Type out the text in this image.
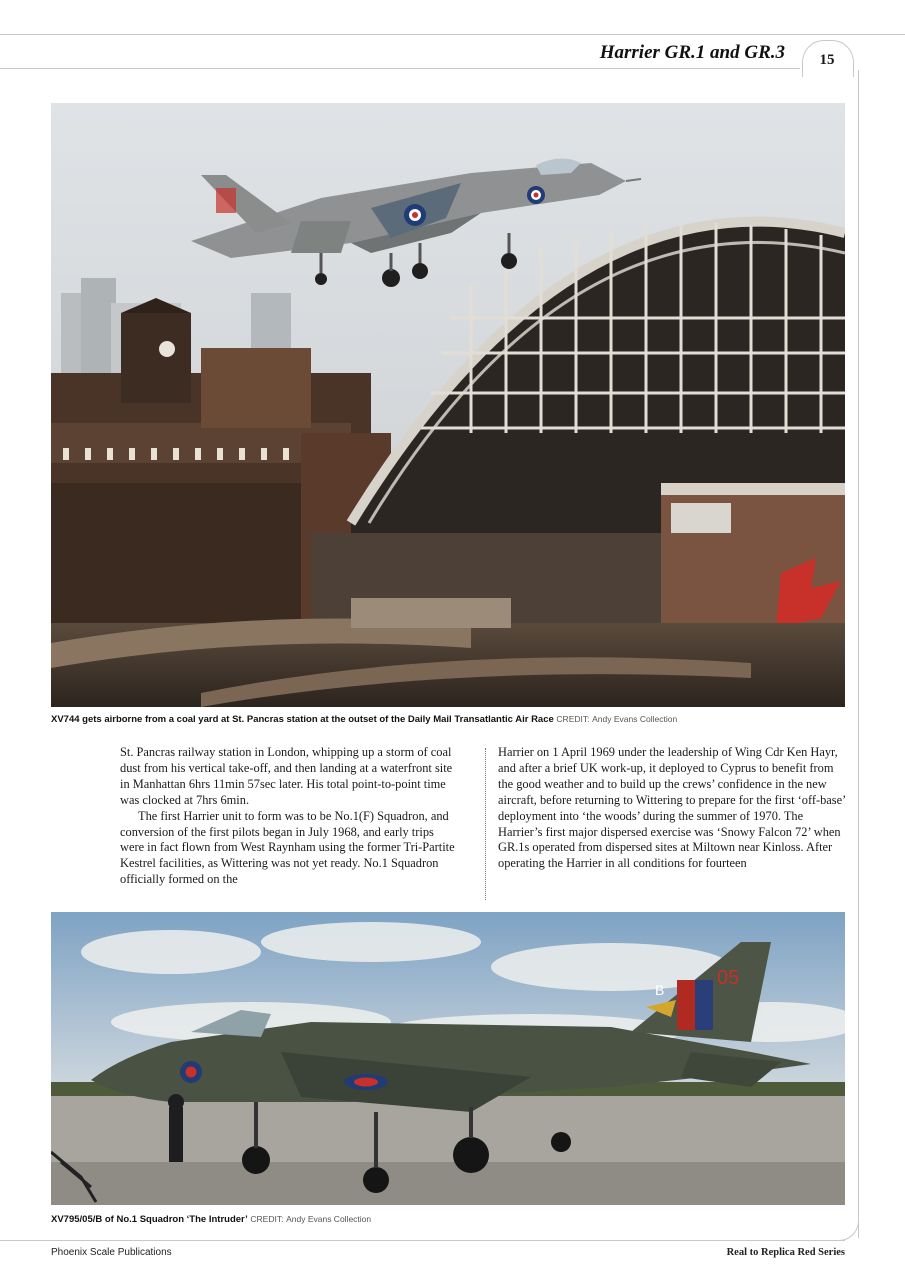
Harrier GR.1 and GR.3	15
XV744 gets airborne from a coal yard at St. Pancras station at the outset of the Daily Mail Transatlantic Air Race CREDIT: Andy Evans Collection

St. Pancras railway station in London, whipping up a storm of coal dust from his vertical take-off, and then landing at a waterfront site in Manhattan 6hrs 11min 57sec later. His total point-to-point time was clocked at 7hrs 6min.

The first Harrier unit to form was to be No.1(F) Squadron, and conversion of the first pilots began in July 1968, and early trips were in fact flown from West Raynham using the former Tri-Partite Kestrel facilities, as Wittering was not yet ready. No.1 Squadron officially formed on the

Harrier on 1 April 1969 under the leadership of Wing Cdr Ken Hayr, and after a brief UK work-up, it deployed to Cyprus to benefit from the good weather and to build up the crews’ confidence in the new aircraft, before returning to Wittering to prepare for the first ‘off-base’ deployment into ‘the woods’ during the summer of 1970. The Harrier’s first major dispersed exercise was ‘Snowy Falcon 72’ when GR.1s operated from dispersed sites at Miltown near Kinloss. After operating the Harrier in all conditions for fourteen

B
05
XV795/05/B of No.1 Squadron ‘The Intruder’ CREDIT: Andy Evans Collection
Phoenix Scale Publications	Real to Replica Red Series
